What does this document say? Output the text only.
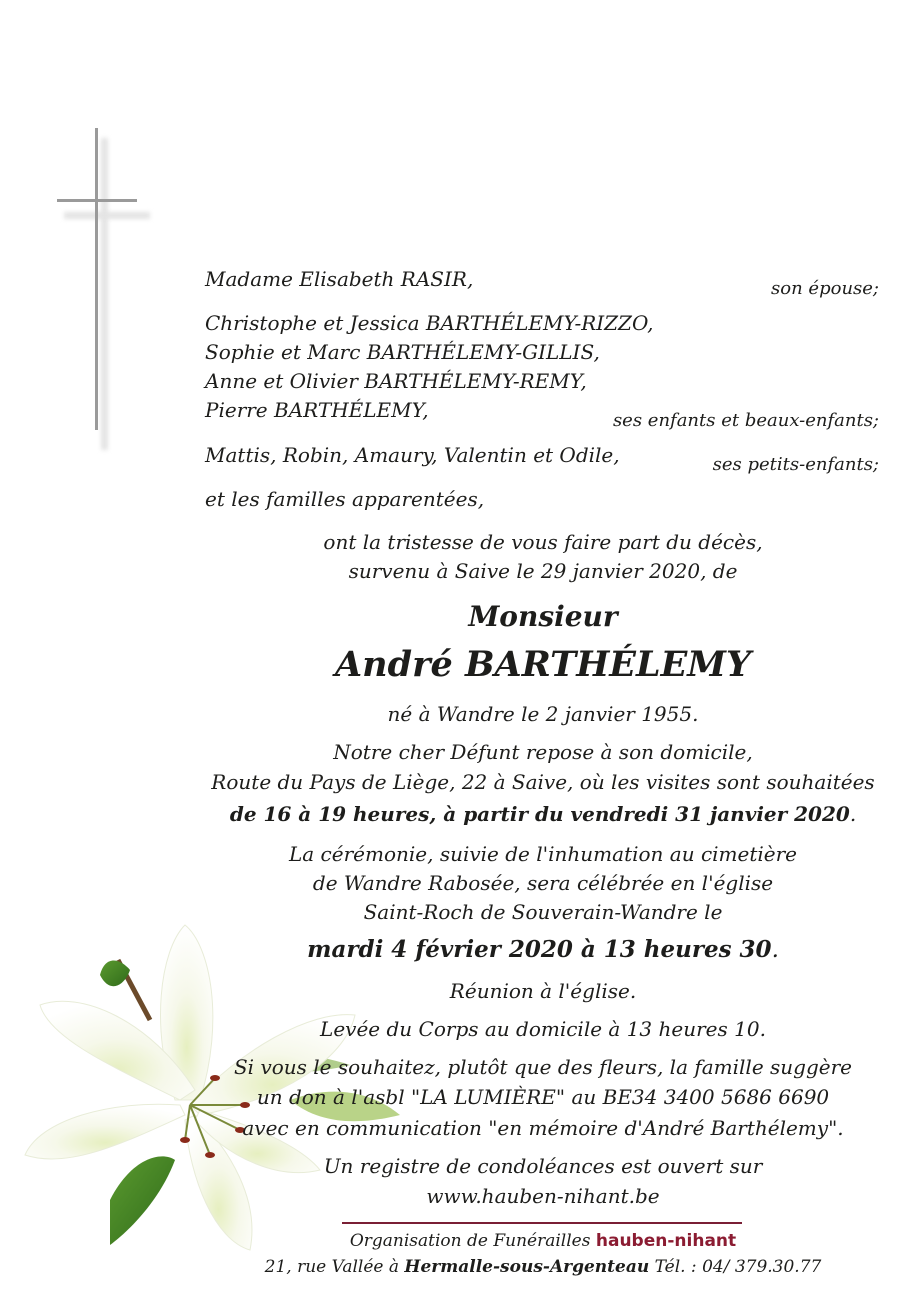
Madame Elisabeth RASIR,	son épouse;
Christophe et Jessica BARTHÉLEMY-RIZZO,
Sophie et Marc BARTHÉLEMY-GILLIS,
Anne et Olivier BARTHÉLEMY-REMY,
Pierre BARTHÉLEMY,	ses enfants et beaux-enfants;
Mattis, Robin, Amaury, Valentin et Odile,	ses petits-enfants;
et les familles apparentées,
ont la tristesse de vous faire part du décès,
survenu à Saive le 29 janvier 2020, de
Monsieur
André BARTHÉLEMY
né à Wandre le 2 janvier 1955.
Notre cher Défunt repose à son domicile,
Route du Pays de Liège, 22 à Saive, où les visites sont souhaitées
de 16 à 19 heures, à partir du vendredi 31 janvier 2020.
La cérémonie, suivie de l'inhumation au cimetière
de Wandre Rabosée, sera célébrée en l'église
Saint-Roch de Souverain-Wandre le
mardi 4 février 2020 à 13 heures 30.
Réunion à l'église.
Levée du Corps au domicile à 13 heures 10.
Si vous le souhaitez, plutôt que des fleurs, la famille suggère
un don à l'asbl "LA LUMIÈRE" au BE34 3400 5686 6690
avec en communication "en mémoire d'André Barthélemy".
Un registre de condoléances est ouvert sur
www.hauben-nihant.be
Organisation de Funérailles hauben-nihant
21, rue Vallée à Hermalle-sous-Argenteau Tél. : 04/ 379.30.77
